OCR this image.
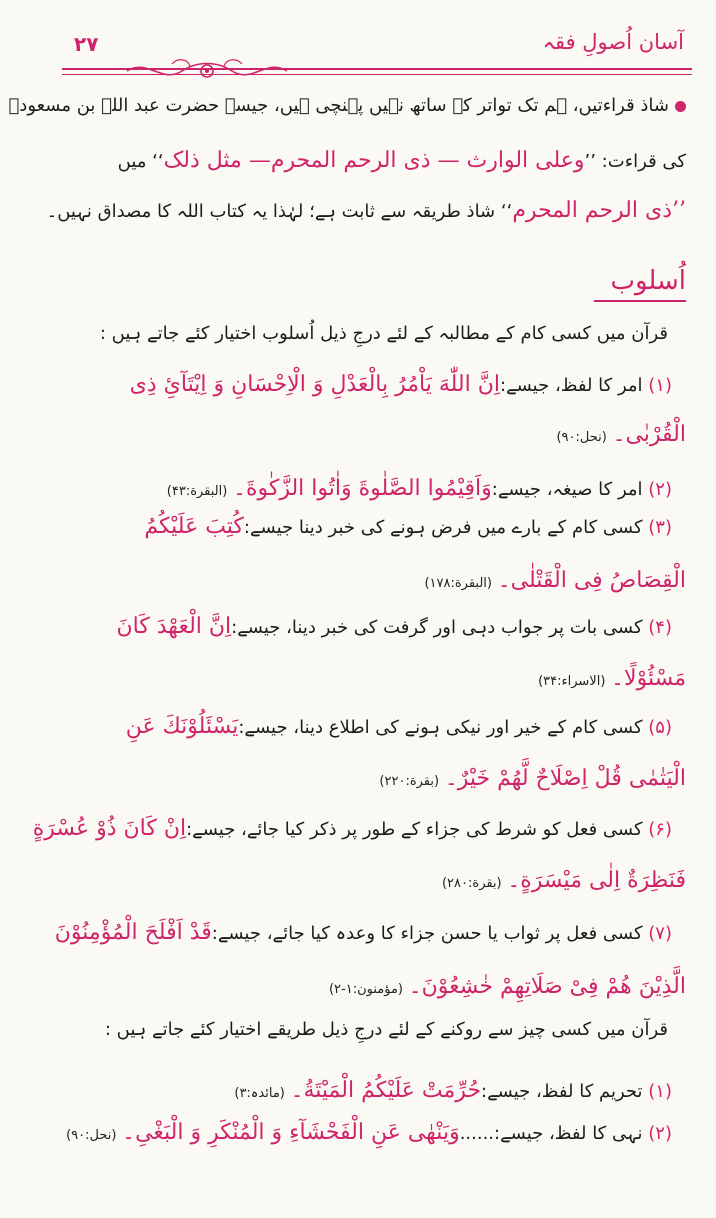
۲۷	آسان اُصولِ فقہ
شاذ قراءتیں، ہم تک تواتر کے ساتھ نہیں پہنچی ہیں، جیسے حضرت عبد اللہ بن مسعودؓ
کی قراءت: ’’وعلی الوارث — ذی الرحم المحرم— مثل ذلک‘‘ میں
’’ذی الرحم المحرم‘‘ شاذ طریقہ سے ثابت ہے؛ لہٰذا یہ کتاب اللہ کا مصداق نہیں۔
اُسلوب
قرآن میں کسی کام کے مطالبہ کے لئے درجِ ذیل اُسلوب اختیار کئے جاتے ہیں :
(۱) امر کا لفظ، جیسے:اِنَّ اللّٰهَ یَاْمُرُ بِالْعَدْلِ وَ الْاِحْسَانِ وَ اِیْتَآئِ ذِی
الْقُرْبٰی۔ (نحل:۹۰)
(۲) امر کا صیغہ، جیسے:وَاَقِیْمُوا الصَّلٰوةَ وَاٰتُوا الزَّکٰوةَ۔ (البقرة:۴۳)
(۳) کسی کام کے بارے میں فرض ہونے کی خبر دینا جیسے:كُتِبَ عَلَیْكُمُ
الْقِصَاصُ فِی الْقَتْلٰی۔ (البقرة:۱۷۸)
(۴) کسی بات پر جواب دہی اور گرفت کی خبر دینا، جیسے:اِنَّ الْعَهْدَ كَانَ
مَسْئُوْلًا۔ (الاسراء:۳۴)
(۵) کسی کام کے خیر اور نیکی ہونے کی اطلاع دینا، جیسے:یَسْئَلُوْنَكَ عَنِ
الْیَتٰمٰی قُلْ اِصْلَاحٌ لَّهُمْ خَیْرٌ۔ (بقرة:۲۲۰)
(۶) کسی فعل کو شرط کی جزاء کے طور پر ذکر کیا جائے، جیسے:اِنْ كَانَ ذُوْ عُسْرَةٍ
فَنَظِرَةٌ اِلٰی مَیْسَرَةٍ۔ (بقرة:۲۸۰)
(۷) کسی فعل پر ثواب یا حسن جزاء کا وعدہ کیا جائے، جیسے:قَدْ اَفْلَحَ الْمُؤْمِنُوْنَ
الَّذِیْنَ هُمْ فِیْ صَلَاتِهِمْ خٰشِعُوْنَ۔ (مؤمنون:۱-۲)
قرآن میں کسی چیز سے روکنے کے لئے درجِ ذیل طریقے اختیار کئے جاتے ہیں :
(۱) تحریم کا لفظ، جیسے:حُرِّمَتْ عَلَیْكُمُ الْمَیْتَةُ۔ (مائدہ:۳)
(۲) نہی کا لفظ، جیسے:......وَیَنْهٰی عَنِ الْفَحْشَآءِ وَ الْمُنْكَرِ وَ الْبَغْیِ۔ (نحل:۹۰)
